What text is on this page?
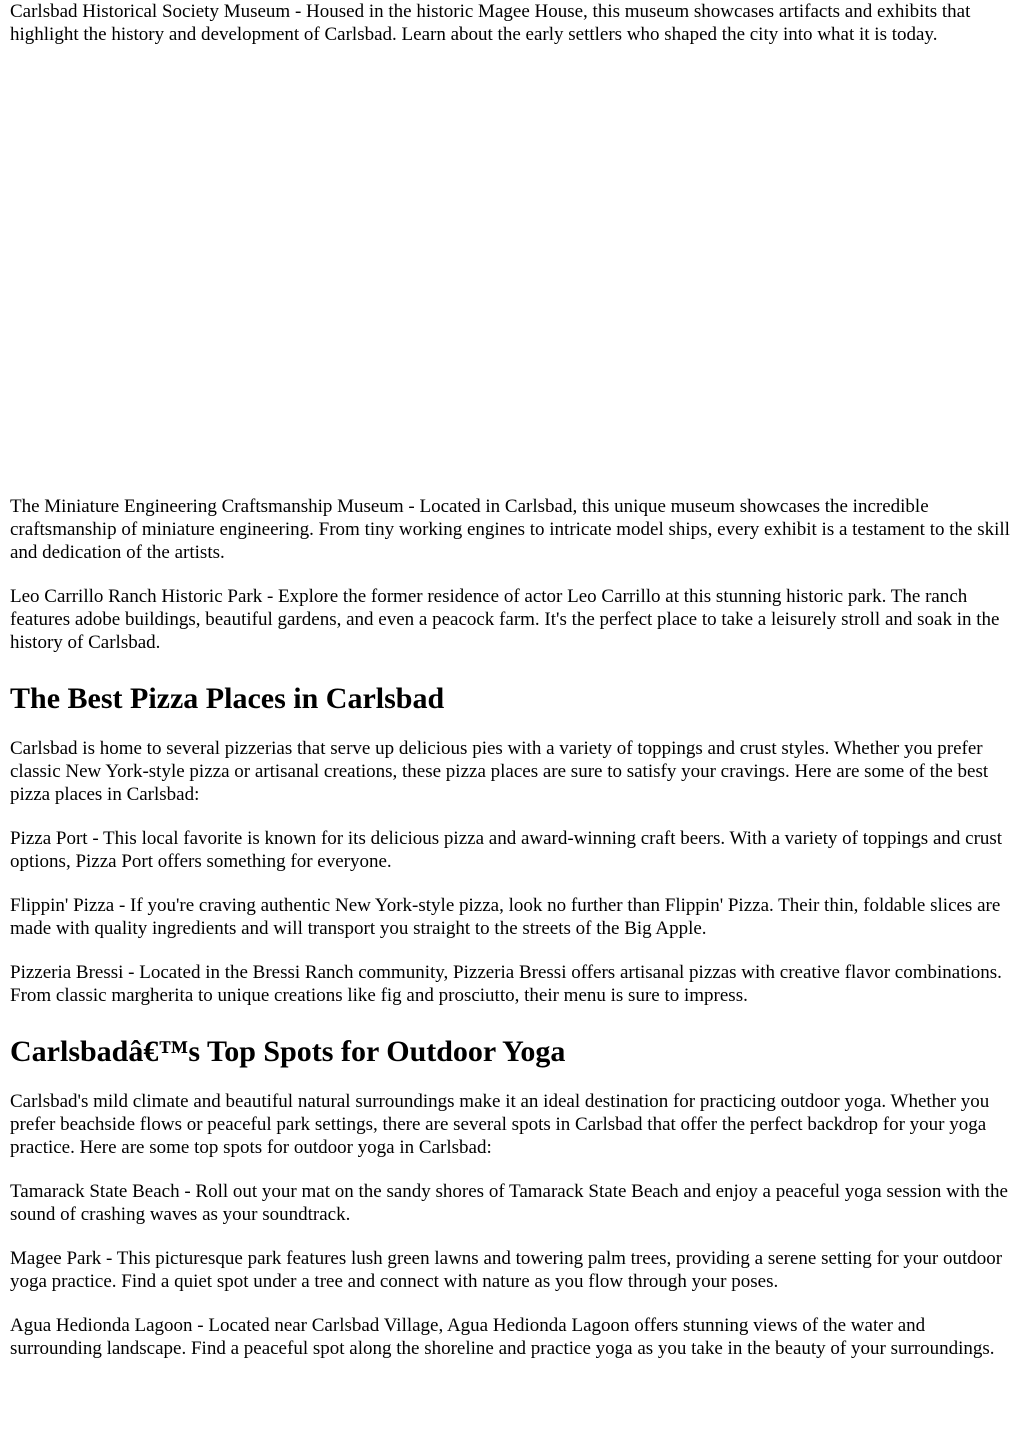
Carlsbad Historical Society Museum - Housed in the historic Magee House, this museum showcases artifacts and exhibits that highlight the history and development of Carlsbad. Learn about the early settlers who shaped the city into what it is today.

The Miniature Engineering Craftsmanship Museum - Located in Carlsbad, this unique museum showcases the incredible craftsmanship of miniature engineering. From tiny working engines to intricate model ships, every exhibit is a testament to the skill and dedication of the artists.

Leo Carrillo Ranch Historic Park - Explore the former residence of actor Leo Carrillo at this stunning historic park. The ranch features adobe buildings, beautiful gardens, and even a peacock farm. It's the perfect place to take a leisurely stroll and soak in the history of Carlsbad.

The Best Pizza Places in Carlsbad

Carlsbad is home to several pizzerias that serve up delicious pies with a variety of toppings and crust styles. Whether you prefer classic New York-style pizza or artisanal creations, these pizza places are sure to satisfy your cravings. Here are some of the best pizza places in Carlsbad:

Pizza Port - This local favorite is known for its delicious pizza and award-winning craft beers. With a variety of toppings and crust options, Pizza Port offers something for everyone.

Flippin' Pizza - If you're craving authentic New York-style pizza, look no further than Flippin' Pizza. Their thin, foldable slices are made with quality ingredients and will transport you straight to the streets of the Big Apple.

Pizzeria Bressi - Located in the Bressi Ranch community, Pizzeria Bressi offers artisanal pizzas with creative flavor combinations. From classic margherita to unique creations like fig and prosciutto, their menu is sure to impress.

Carlsbadâ€™s Top Spots for Outdoor Yoga

Carlsbad's mild climate and beautiful natural surroundings make it an ideal destination for practicing outdoor yoga. Whether you prefer beachside flows or peaceful park settings, there are several spots in Carlsbad that offer the perfect backdrop for your yoga practice. Here are some top spots for outdoor yoga in Carlsbad:

Tamarack State Beach - Roll out your mat on the sandy shores of Tamarack State Beach and enjoy a peaceful yoga session with the sound of crashing waves as your soundtrack.

Magee Park - This picturesque park features lush green lawns and towering palm trees, providing a serene setting for your outdoor yoga practice. Find a quiet spot under a tree and connect with nature as you flow through your poses.

Agua Hedionda Lagoon - Located near Carlsbad Village, Agua Hedionda Lagoon offers stunning views of the water and surrounding landscape. Find a peaceful spot along the shoreline and practice yoga as you take in the beauty of your surroundings.
